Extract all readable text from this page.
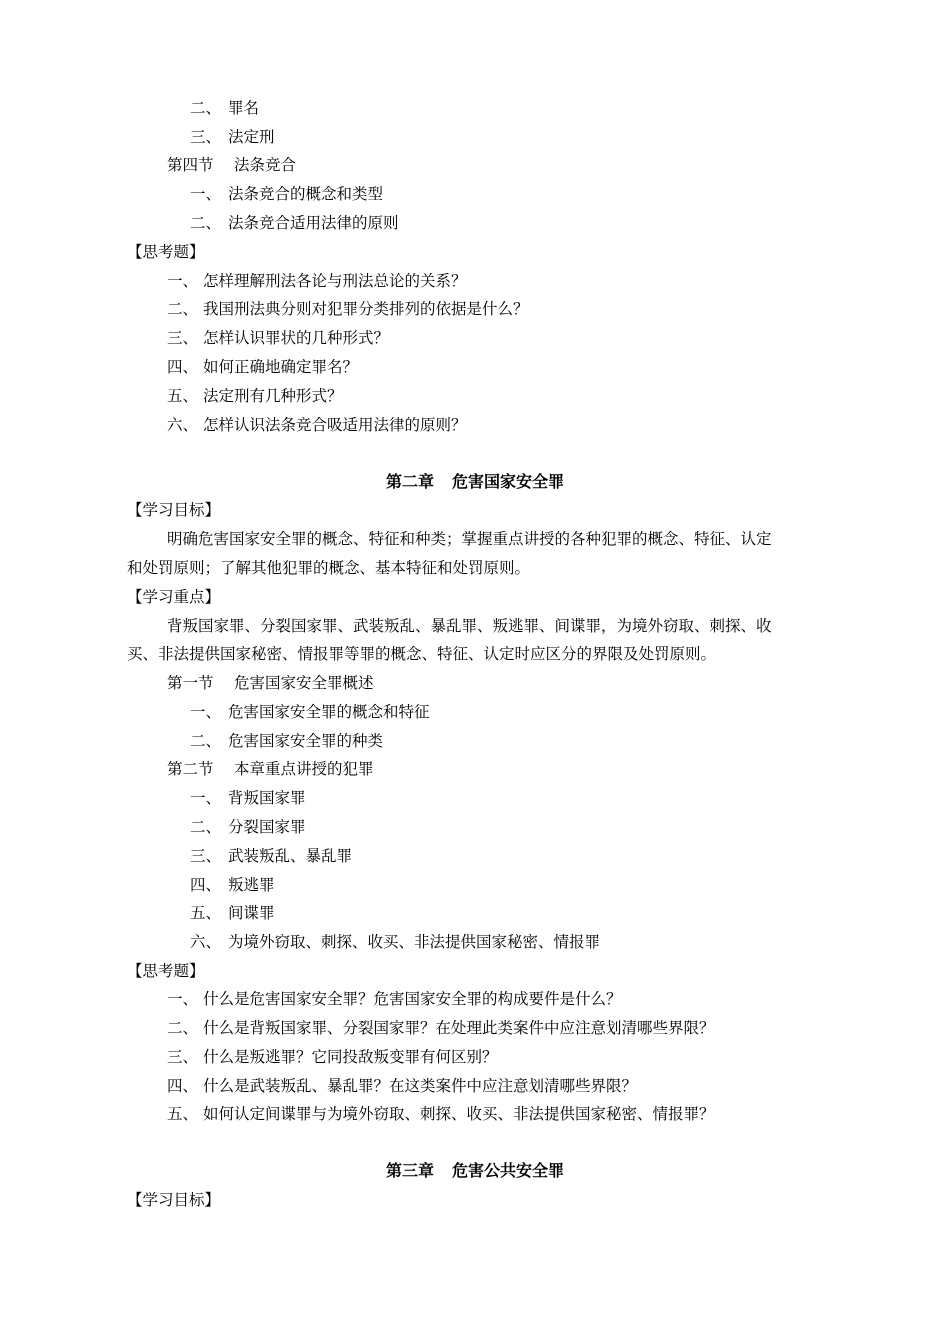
二、 罪名
三、 法定刑
第四节 法条竞合
一、 法条竞合的概念和类型
二、 法条竞合适用法律的原则
【思考题】
一、 怎样理解刑法各论与刑法总论的关系？
二、 我国刑法典分则对犯罪分类排列的依据是什么？
三、 怎样认识罪状的几种形式？
四、 如何正确地确定罪名？
五、 法定刑有几种形式？
六、 怎样认识法条竞合吸适用法律的原则？
第二章 危害国家安全罪
【学习目标】
明确危害国家安全罪的概念、特征和种类；掌握重点讲授的各种犯罪的概念、特征、认定
和处罚原则；了解其他犯罪的概念、基本特征和处罚原则。
【学习重点】
背叛国家罪、分裂国家罪、武装叛乱、暴乱罪、叛逃罪、间谍罪，为境外窃取、刺探、收
买、非法提供国家秘密、情报罪等罪的概念、特征、认定时应区分的界限及处罚原则。
第一节 危害国家安全罪概述
一、 危害国家安全罪的概念和特征
二、 危害国家安全罪的种类
第二节 本章重点讲授的犯罪
一、 背叛国家罪
二、 分裂国家罪
三、 武装叛乱、暴乱罪
四、 叛逃罪
五、 间谍罪
六、 为境外窃取、刺探、收买、非法提供国家秘密、情报罪
【思考题】
一、 什么是危害国家安全罪？危害国家安全罪的构成要件是什么？
二、 什么是背叛国家罪、分裂国家罪？在处理此类案件中应注意划清哪些界限？
三、 什么是叛逃罪？它同投敌叛变罪有何区别？
四、 什么是武装叛乱、暴乱罪？在这类案件中应注意划清哪些界限？
五、 如何认定间谍罪与为境外窃取、刺探、收买、非法提供国家秘密、情报罪？
第三章 危害公共安全罪
【学习目标】
